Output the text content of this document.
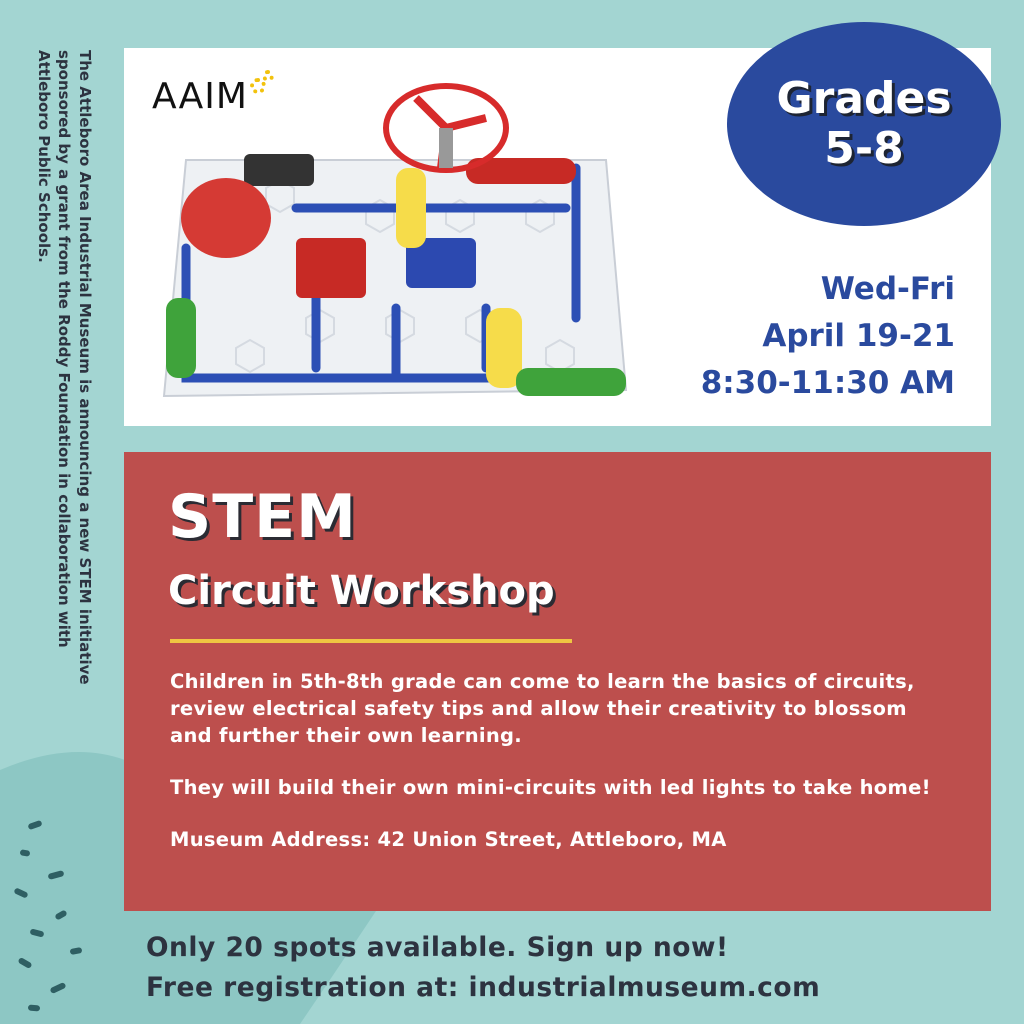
The Attleboro Area Industrial Museum is announcing a new STEM initiative

sponsored by a grant from the Roddy Foundation in collaboration with

Attleboro Public Schools.	AAIM	Grades
5-8
Wed-Fri
April 19-21
8:30-11:30 AM
STEM
Circuit Workshop

Children in 5th-8th grade can come to learn the basics of circuits, review electrical safety tips and allow their creativity to blossom and further their own learning.

They will build their own mini-circuits with led lights to take home!

Museum Address: 42 Union Street, Attleboro, MA

Only 20 spots available. Sign up now!
Free registration at: industrialmuseum.com
